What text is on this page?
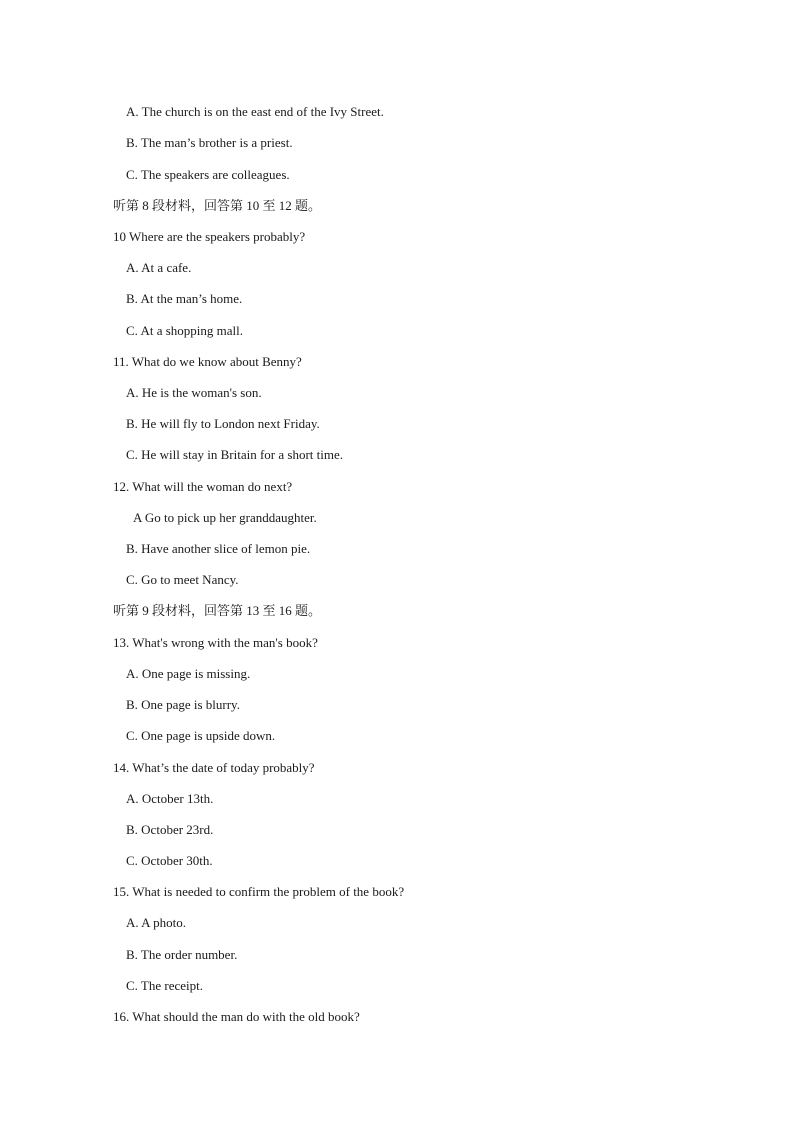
A. The church is on the east end of the Ivy Street.
B. The man’s brother is a priest.
C. The speakers are colleagues.
听第 8 段材料，回答第 10 至 12 题。
10 Where are the speakers probably?
A. At a cafe.
B. At the man’s home.
C. At a shopping mall.
11. What do we know about Benny?
A. He is the woman's son.
B. He will fly to London next Friday.
C. He will stay in Britain for a short time.
12. What will the woman do next?
A Go to pick up her granddaughter.
B. Have another slice of lemon pie.
C. Go to meet Nancy.
听第 9 段材料，回答第 13 至 16 题。
13. What's wrong with the man's book?
A. One page is missing.
B. One page is blurry.
C. One page is upside down.
14. What’s the date of today probably?
A. October 13th.
B. October 23rd.
C. October 30th.
15. What is needed to confirm the problem of the book?
A. A photo.
B. The order number.
C. The receipt.
16. What should the man do with the old book?
